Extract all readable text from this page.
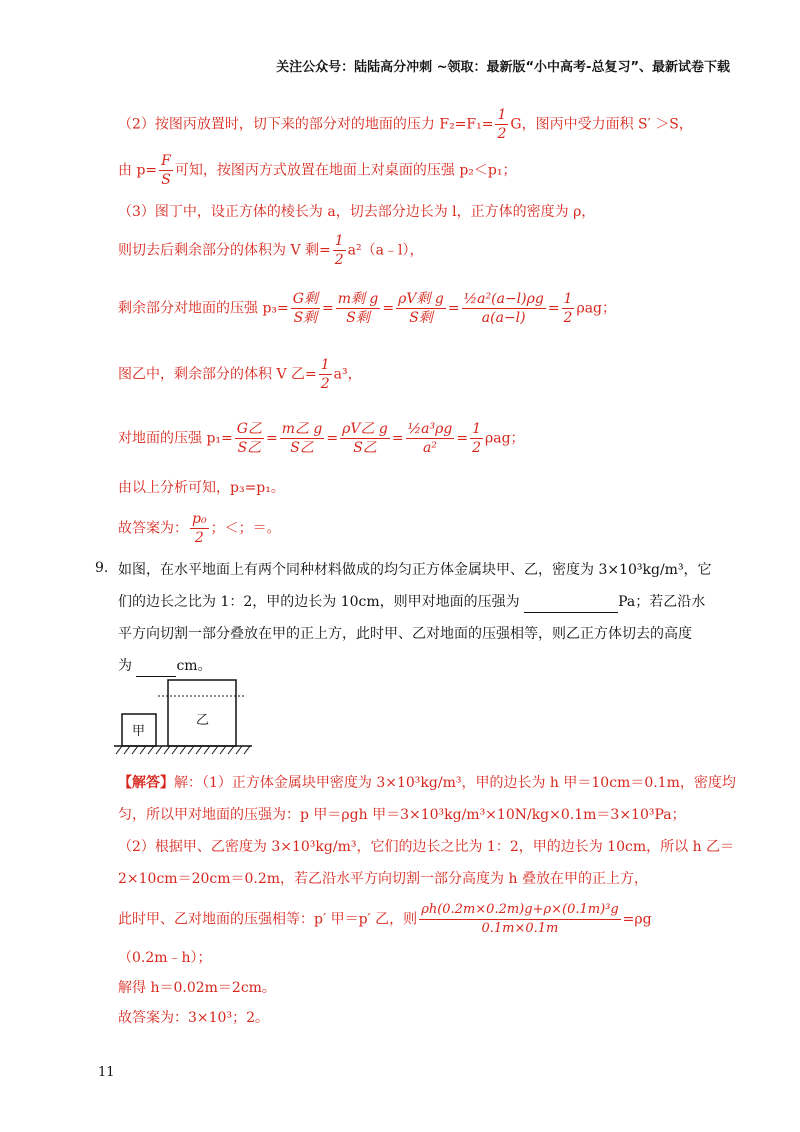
关注公众号：陆陆高分冲刺 ~领取：最新版“小中高考-总复习”、最新试卷下载
（2）按图丙放置时，切下来的部分对的地面的压力 $F_2=F_1= \frac{1}{2}$ G，图丙中受力面积 S′ ＞S，
由 $p= \frac{F}{S}$ 可知，按图丙方式放置在地面上对桌面的压强 p₂＜p₁；
（3）图丁中，设正方体的棱长为 a，切去部分边长为 l，正方体的密度为 ρ，
则切去后剩余部分的体积为 V 剩= $\frac{1}{2}$ a²（a﹣l），
剩余部分对地面的压强 $p_3= \frac{\text{G剩}}{\text{S剩}} = \frac{\text{m剩 g}}{\text{S剩}} = \frac{\text{ρV剩 g}}{\text{S剩}} = \frac{\text{½a²(a−l)ρg}}{a(a-l)} = \frac{1}{2}$ ρag；
图乙中，剩余部分的体积 V 乙= $\frac{1}{2} a^3$，
对地面的压强 $p_1= \frac{\text{G乙}}{\text{S乙}} = \frac{\text{m乙 g}}{\text{S乙}} = \frac{\text{ρV乙 g}}{\text{S乙}} = \frac{\text{½a³ρg}}{\text{a²}} = \frac{1}{2}$ ρag；
由以上分析可知，p₃=p₁。
故答案为： $\frac{\text{p₀}}{2}$ ；＜；＝。
9. 如图，在水平地面上有两个同种材料做成的均匀正方体金属块甲、乙，密度为 3×10³kg/m³，它
们的边长之比为 1：2，甲的边长为 10cm，则甲对地面的压强为	Pa；若乙沿水
平方向切割一部分叠放在甲的正上方，此时甲、乙对地面的压强相等，则乙正方体切去的高度
为	cm。
甲
乙
【解答】解：（1）正方体金属块甲密度为 3×10³kg/m³，甲的边长为 h 甲＝10cm＝0.1m，密度均
匀，所以甲对地面的压强为：p 甲＝ρgh 甲＝3×10³kg/m³×10N/kg×0.1m＝3×10³Pa；
（2）根据甲、乙密度为 3×10³kg/m³，它们的边长之比为 1：2，甲的边长为 10cm，所以 h 乙＝
2×10cm＝20cm＝0.2m，若乙沿水平方向切割一部分高度为 h 叠放在甲的正上方，
此时甲、乙对地面的压强相等：p′ 甲＝p′ 乙，则 $\frac{\text{ρh(0.2m×0.2m)g+ρ×(0.1m)³g}}{0.1m\times 0.1m} =\rho g$
（0.2m﹣h）；
解得 h＝0.02m＝2cm。
故答案为：3×10³；2。
11
